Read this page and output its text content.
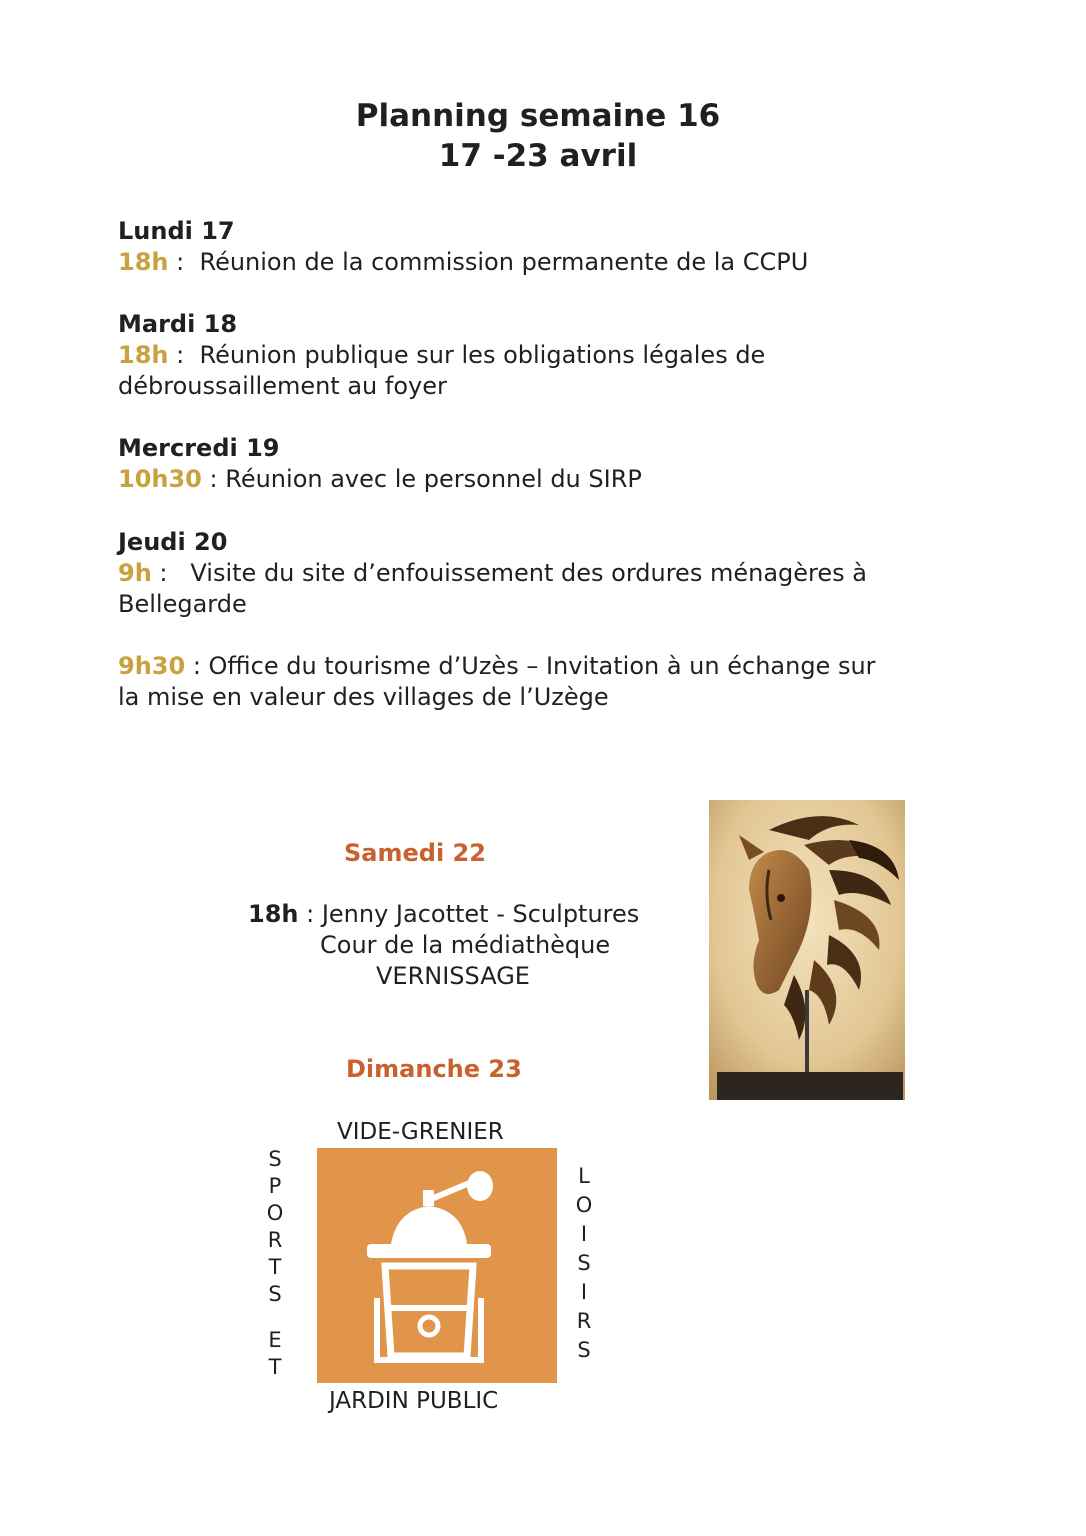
Planning semaine 16
17 -23 avril
Lundi 17
18h :  Réunion de la commission permanente de la CCPU
Mardi 18
18h :  Réunion publique sur les obligations légales de
débroussaillement au foyer
Mercredi 19
10h30 : Réunion avec le personnel du SIRP
Jeudi 20
9h :   Visite du site d’enfouissement des ordures ménagères à
Bellegarde
9h30 : Office du tourisme d’Uzès – Invitation à un échange sur
la mise en valeur des villages de l’Uzège
Samedi 22
18h : Jenny Jacottet - Sculptures
Cour de la médiathèque
VERNISSAGE
Dimanche 23
VIDE-GRENIER
S
P
O
R
T
S
E
T
L
O
I
S
I
R
S
JARDIN PUBLIC
